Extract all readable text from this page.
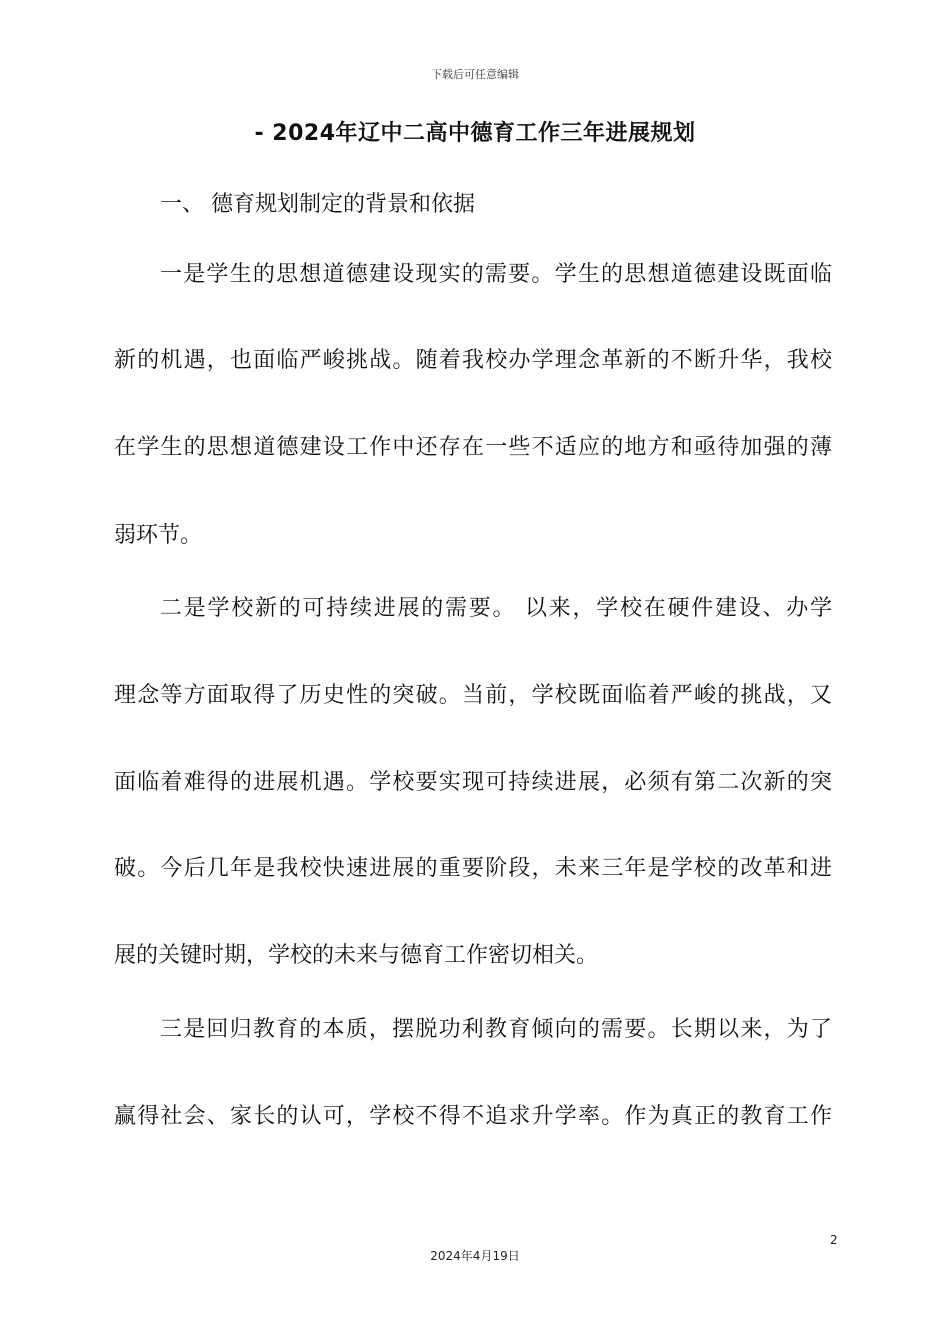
下载后可任意编辑
- 2024年辽中二高中德育工作三年进展规划
一、 德育规划制定的背景和依据
一是学生的思想道德建设现实的需要。学生的思想道德建设既面临
新的机遇，也面临严峻挑战。随着我校办学理念革新的不断升华，我校
在学生的思想道德建设工作中还存在一些不适应的地方和亟待加强的薄
弱环节。
二是学校新的可持续进展的需要。 以来，学校在硬件建设、办学
理念等方面取得了历史性的突破。当前，学校既面临着严峻的挑战，又
面临着难得的进展机遇。学校要实现可持续进展，必须有第二次新的突
破。今后几年是我校快速进展的重要阶段，未来三年是学校的改革和进
展的关键时期，学校的未来与德育工作密切相关。
三是回归教育的本质，摆脱功利教育倾向的需要。长期以来，为了
赢得社会、家长的认可，学校不得不追求升学率。作为真正的教育工作
2
2024年4月19日
